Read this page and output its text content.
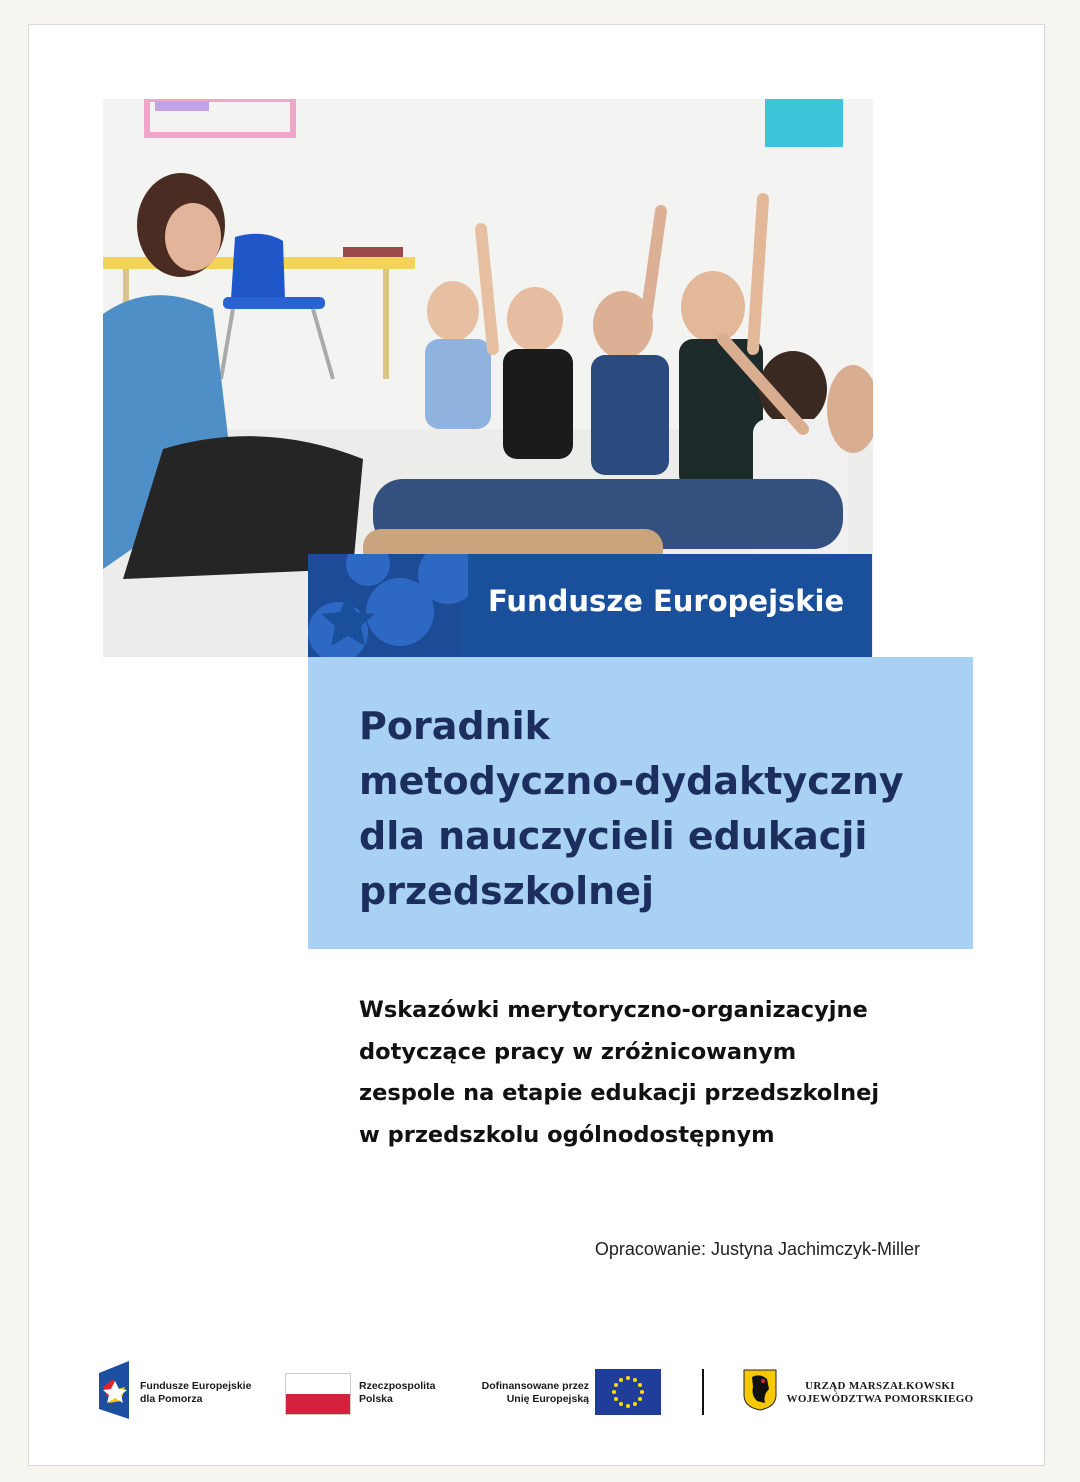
Fundusze Europejskie
Poradnik
metodyczno-dydaktyczny
dla nauczycieli edukacji
przedszkolnej

Wskazówki merytoryczno-organizacyjne
dotyczące pracy w zróżnicowanym
zespole na etapie edukacji przedszkolnej
w przedszkolu ogólnodostępnym

Opracowanie: Justyna Jachimczyk-Miller
Fundusze Europejskie
dla Pomorza
Rzeczpospolita
Polska
Dofinansowane przez
Unię Europejską
URZĄD MARSZAŁKOWSKI
WOJEWÓDZTWA POMORSKIEGO
